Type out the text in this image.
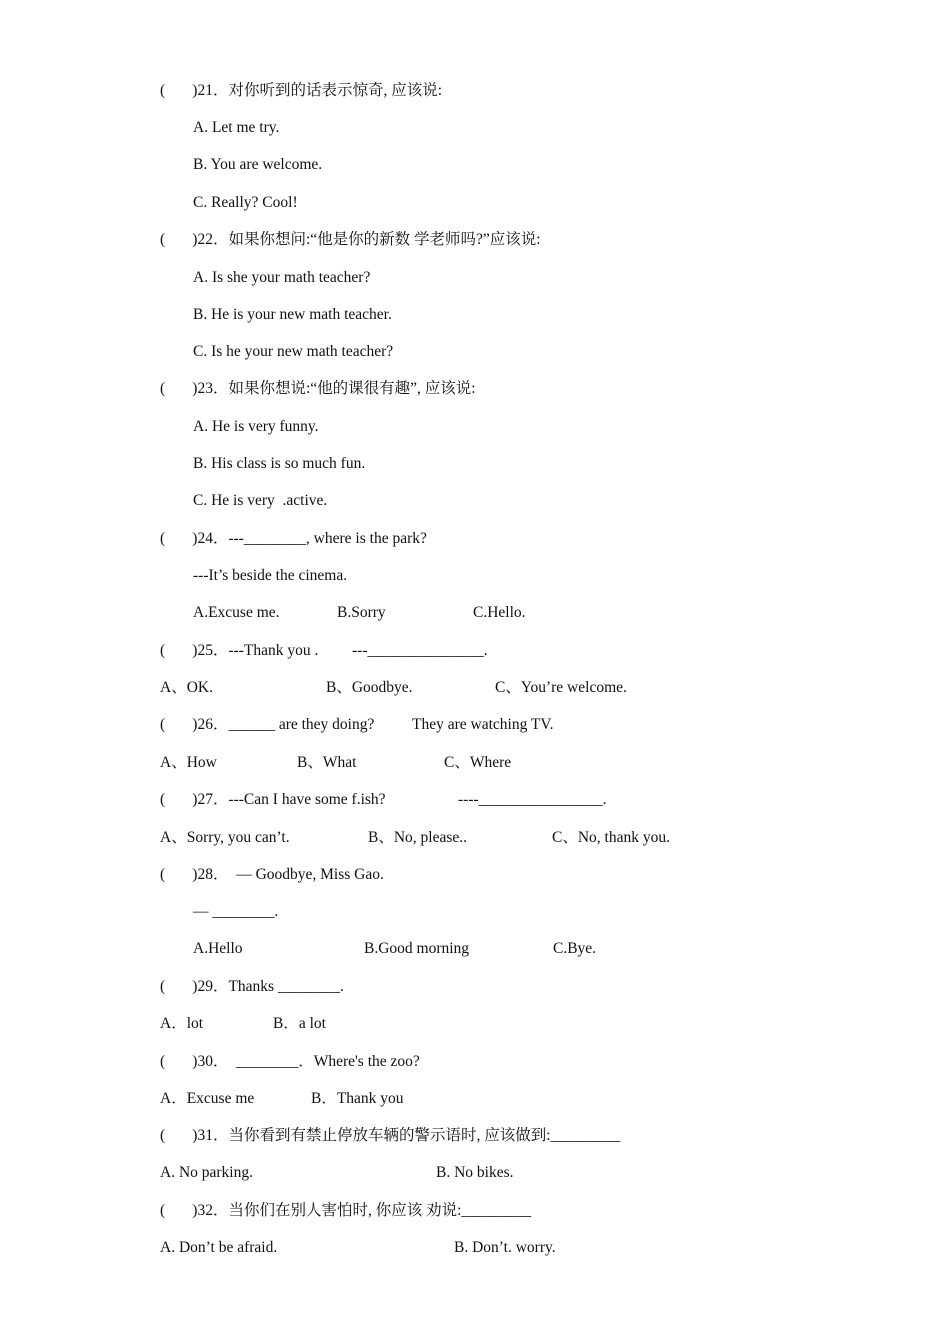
(       )21．对你听到的话表示惊奇, 应该说:
A. Let me try.
B. You are welcome.
C. Really? Cool!
(       )22．如果你想问:“他是你的新数 学老师吗?”应该说:
A. Is she your math teacher?
B. He is your new math teacher.
C. Is he your new math teacher?
(       )23．如果你想说:“他的课很有趣”, 应该说:
A. He is very funny.
B. His class is so much fun.
C. He is very  .active.
(       )24．---________, where is the park?
---It’s beside the cinema.
A.Excuse me.	B.Sorry	C.Hello.
(       )25．---Thank you . ---_______________.
A、OK.	B、Goodbye.	C、You’re welcome.
(       )26．______ are they doing? They are watching TV.
A、How	B、What	C、Where
(       )27．---Can I have some f.ish?	----________________.
A、Sorry, you can’t.	B、No, please..	C、No, thank you.
(       )28．  — Goodbye, Miss Gao.
— ________.
A.Hello	B.Good morning	C.Bye.
(       )29．Thanks ________.
A．lot	B．a lot
(       )30．  ________．Where's the zoo?
A．Excuse me	B．Thank you
(       )31．当你看到有禁止停放车辆的警示语时, 应该做到:_________
A. No parking.	B. No bikes.
(       )32．当你们在别人害怕时, 你应该 劝说:_________
A. Don’t be afraid.	B. Don’t. worry.
